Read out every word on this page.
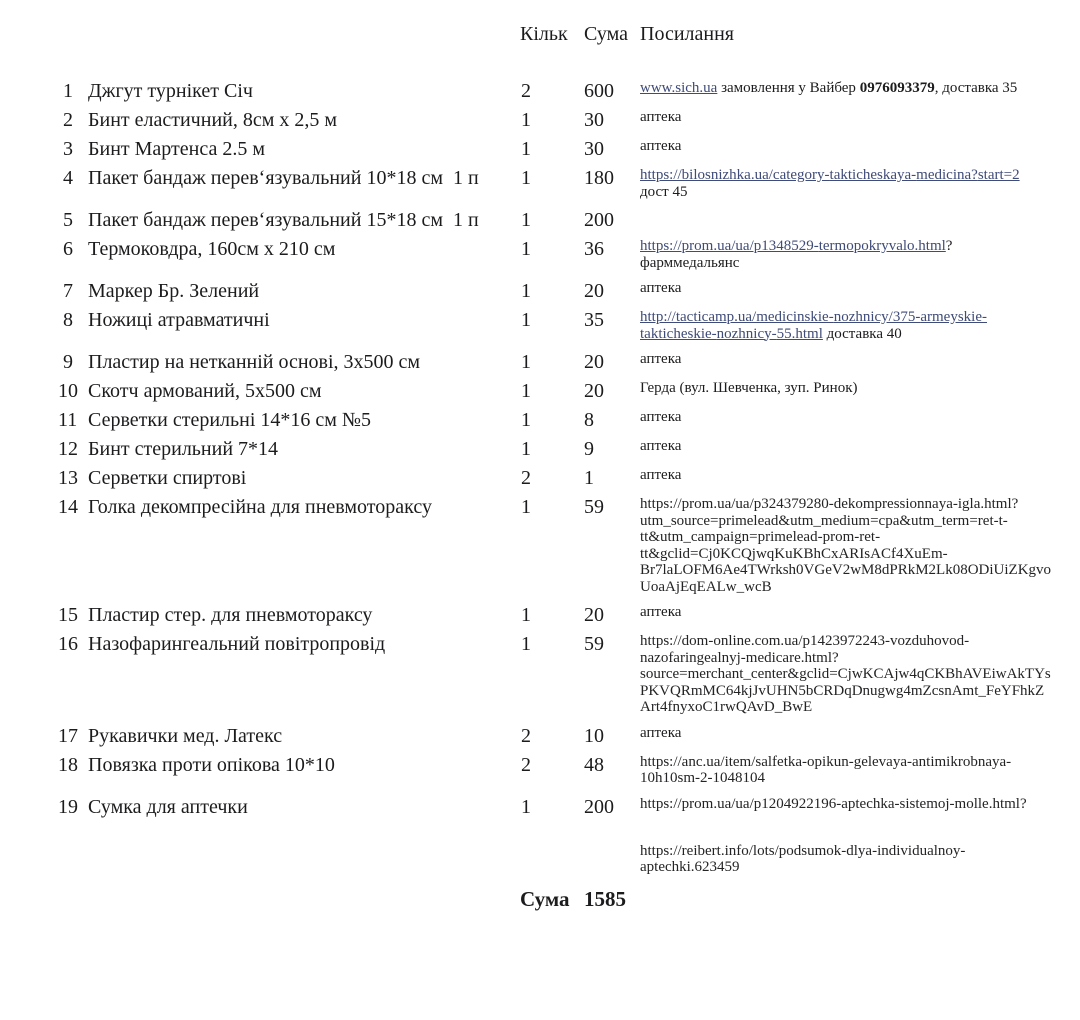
Кільк Сума Посилання
1 Джгут турнікет Січ	2	600	www.sich.ua замовлення у Вайбер 0976093379, доставка 35
2 Бинт еластичний, 8см х 2,5 м	1	30	аптека
3 Бинт Мартенса 2.5 м	1	30	аптека
4 Пакет бандаж перев‘язувальний 10*18 см  1 п	1	180	https://bilosnizhka.ua/category-takticheskaya-medicina?start=2
дост 45
5 Пакет бандаж перев‘язувальний 15*18 см  1 п	1	200
6 Термоковдра, 160см х 210 см	1	36	https://prom.ua/ua/p1348529-termopokryvalo.html?
фарммедальянс
7 Маркер Бр. Зелений	1	20	аптека
8 Ножиці атравматичні	1	35	http://tacticamp.ua/medicinskie-nozhnicy/375-armeyskie-takticheskie-nozhnicy-55.html доставка 40
9 Пластир на нетканній основі, 3х500 см	1	20	аптека
10 Скотч армований, 5х500 см	1	20	Герда (вул. Шевченка, зуп. Ринок)
11 Серветки стерильні 14*16 см №5	1	8	аптека
12 Бинт стерильний 7*14	1	9	аптека
13 Серветки спиртові	2	1	аптека
14 Голка декомпресійна для пневмотораксу	1	59	https://prom.ua/ua/p324379280-dekompressionnaya-igla.html?utm_source=primelead&utm_medium=cpa&utm_term=ret-t-tt&utm_campaign=primelead-prom-ret-tt&gclid=Cj0KCQjwqKuKBhCxARIsACf4XuEm-Br7laLOFM6Ae4TWrksh0VGeV2wM8dPRkM2Lk08ODiUiZKgvoUoaAjEqEALw_wcB
15 Пластир стер. для пневмотораксу	1	20	аптека
16 Назофарингеальний повітропровід	1	59	https://dom-online.com.ua/p1423972243-vozduhovod-nazofaringealnyj-medicare.html?source=merchant_center&gclid=CjwKCAjw4qCKBhAVEiwAkTYsPKVQRmMC64kjJvUHN5bCRDqDnugwg4mZcsnAmt_FeYFhkZArt4fnyxoC1rwQAvD_BwE
17 Рукавички мед. Латекс	2	10	аптека
18 Повязка проти опікова 10*10	2	48	https://anc.ua/item/salfetka-opikun-gelevaya-antimikrobnaya-10h10sm-2-1048104
19 Сумка для аптечки	1	200	https://prom.ua/ua/p1204922196-aptechka-sistemoj-molle.html?
https://reibert.info/lots/podsumok-dlya-individualnoy-aptechki.623459
Сума 1585
